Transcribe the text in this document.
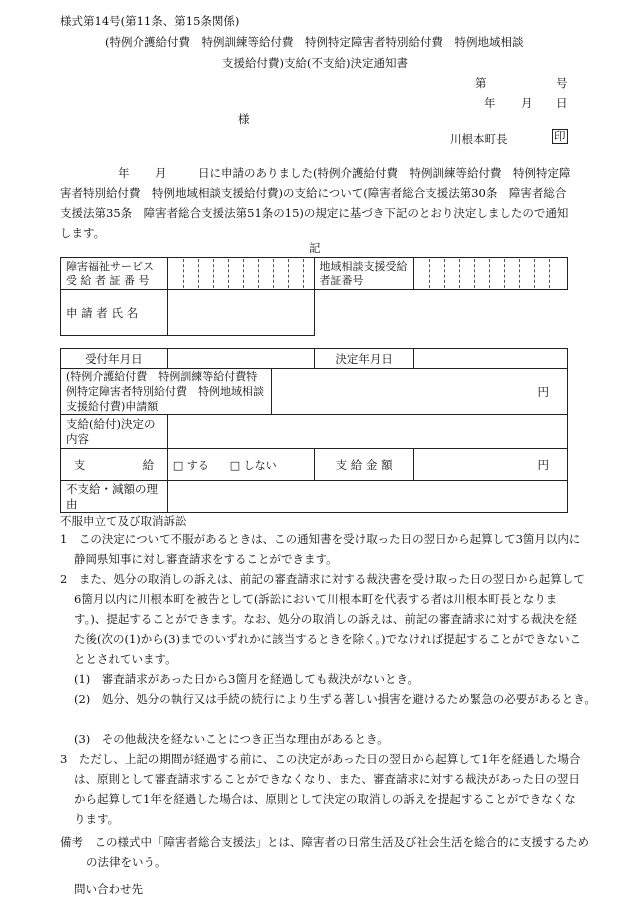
様式第14号(第11条、第15条関係)
(特例介護給付費　特例訓練等給付費　特例特定障害者特別給付費　特例地域相談
支援給付費)支給(不支給)決定通知書
第	号
年 月 日
様
川根本町長	印
年 月	日に申請のありました(特例介護給付費　特例訓練等給付費　特例特定障害者特別給付費　特例地域相談支援給付費)の支給について(障害者総合支援法第30条　障害者総合支援法第35条　障害者総合支援法第51条の15)の規定に基づき下記のとおり決定しましたので通知します。
記
障害福祉サービス受 給 者 証 番 号		地域相談支援受給者証番号	

申 請 者 氏 名			
受付年月日			決定年月日	
(特例介護給付費　特例訓練等給付費特例特定障害者特別給付費　特例地域相談支援給付費)申請額		円		
支給(給付)決定の内容				
支　　　　　給	□ する □ しない		支 給 金 額	円
不支給・減額の理由				
不服申立て及び取消訴訟
1　この決定について不服があるときは、この通知書を受け取った日の翌日から起算して3箇月以内に静岡県知事に対し審査請求をすることができます。
2　また、処分の取消しの訴えは、前記の審査請求に対する裁決書を受け取った日の翌日から起算して6箇月以内に川根本町を被告として(訴訟において川根本町を代表する者は川根本町長となります。)、提起することができます。なお、処分の取消しの訴えは、前記の審査請求に対する裁決を経た後(次の(1)から(3)までのいずれかに該当するときを除く。)でなければ提起することができないこととされています。
(1)　審査請求があった日から3箇月を経過しても裁決がないとき。
(2)　処分、処分の執行又は手続の続行により生ずる著しい損害を避けるため緊急の必要があるとき。
(3)　その他裁決を経ないことにつき正当な理由があるとき。
3　ただし、上記の期間が経過する前に、この決定があった日の翌日から起算して1年を経過した場合は、原則として審査請求することができなくなり、また、審査請求に対する裁決があった日の翌日から起算して1年を経過した場合は、原則として決定の取消しの訴えを提起することができなくなります。
備考　この様式中「障害者総合支援法」とは、障害者の日常生活及び社会生活を総合的に支援するための法律をいう。
問い合わせ先
